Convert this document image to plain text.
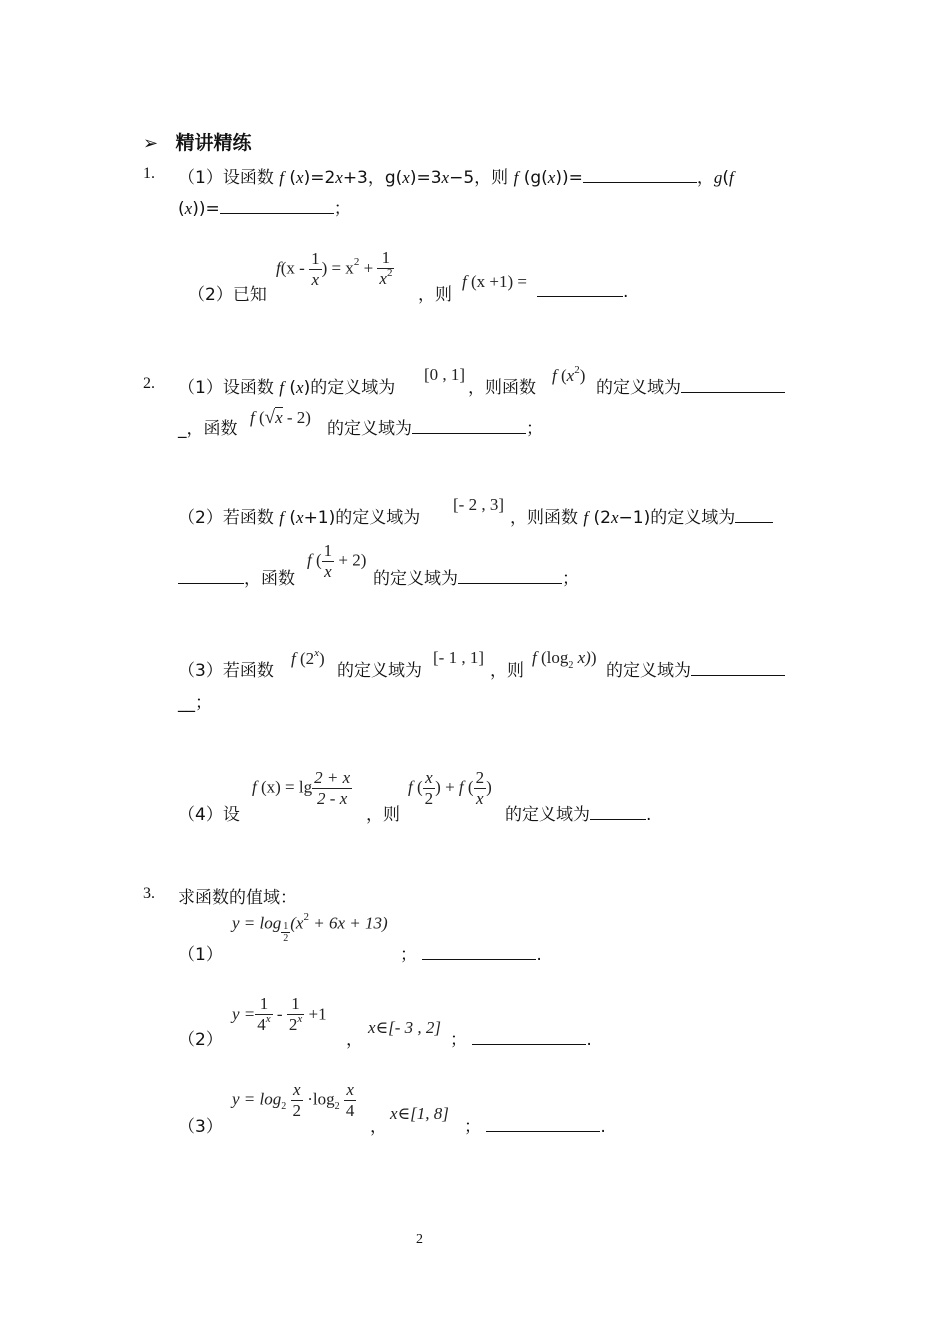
➢ 精讲精练
1. （1）设函数 f (x)=2x+3，g(x)=3x−5，则 f (g(x))=	，g(f
(x))=	；
（2）已知
$f(x - \frac{1}{x}$ ) = $x^2 + \frac{1}{x^2}$
，则
f (x +1) =
.
2. （1）设函数 f (x)的定义域为
[0 , 1]
，则函数
f $(x^2)$
的定义域为
_，函数
f (√x - 2)
的定义域为	；
（2）若函数 f (x+1)的定义域为
[- 2 , 3]
，则函数 f (2x−1)的定义域为
，函数
f ( $\frac{1}{x} + 2$)
的定义域为	；
（3）若函数
f (2$^x$)
的定义域为
[- 1 , 1]
，则
f ($\log_2$ x))
的定义域为
__；
（4）设
f $(x) = \lg \frac{2 + x}{2 - x}$
，则
f ( $\frac{x}{2}$ ) + f ( $\frac{2}{x}$ )
的定义域为	.
3. 求函数的值域：
（1）
$y = \log \frac{1}{2} (x^2 + 6x + 13)$
；	.
（2）
$y = \frac{1}{4^x} - \frac{1}{2^x} +1$
，
x∈[- 3 , 2]
；	.
（3）
$y = \log_2 \frac{x}{2} \cdot\log_2 \frac{x}{4}$
，
x∈[1, 8]
；	.
2
